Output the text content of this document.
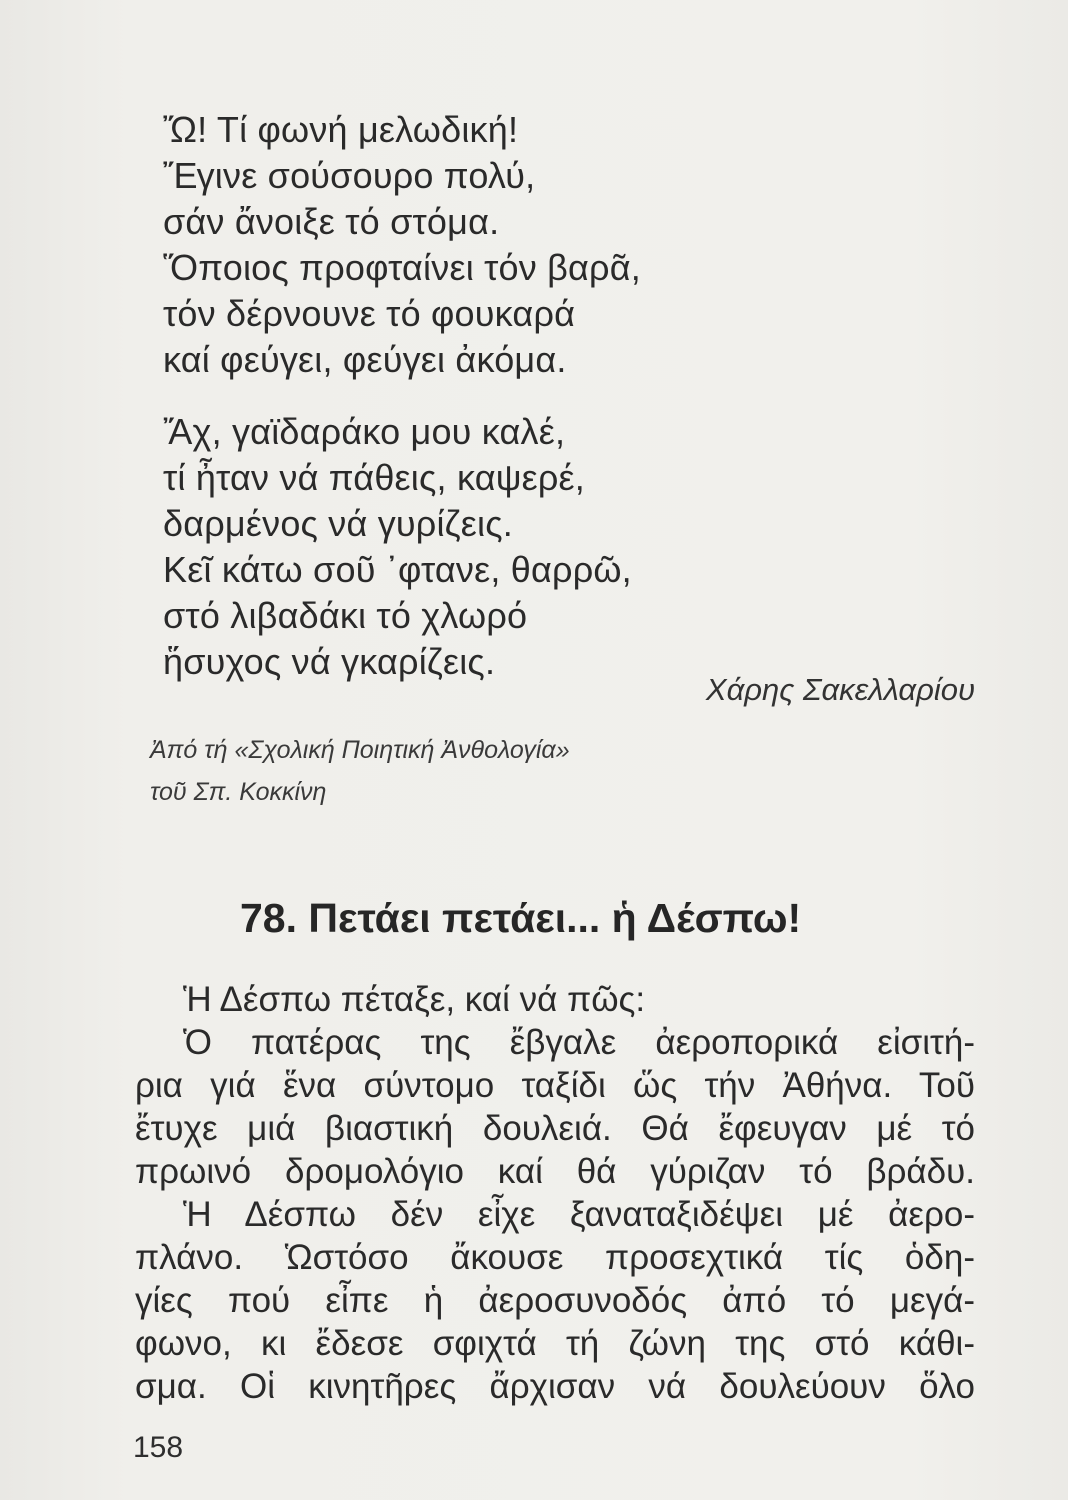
Ὤ! Τί φωνή μελωδική!
Ἔγινε σούσουρο πολύ,
σάν ἄνοιξε τό στόμα.
Ὅποιος προφταίνει τόν βαρᾶ,
τόν δέρνουνε τό φουκαρά
καί φεύγει, φεύγει ἀκόμα.
Ἄχ, γαϊδαράκο μου καλέ,
τί ἦταν νά πάθεις, καψερέ,
δαρμένος νά γυρίζεις.
Κεῖ κάτω σοῦ ᾽φτανε, θαρρῶ,
στό λιβαδάκι τό χλωρό
ἥσυχος νά γκαρίζεις.
Χάρης Σακελλαρίου
Ἀπό τή «Σχολική Ποιητική Ἀνθολογία»
τοῦ Σπ. Κοκκίνη
78. Πετάει πετάει... ἡ Δέσπω!
Ἡ Δέσπω πέταξε, καί νά πῶς:
Ὁ πατέρας της ἔβγαλε ἀεροπορικά εἰσιτή-
ρια γιά ἕνα σύντομο ταξίδι ὥς τήν Ἀθήνα. Τοῦ
ἔτυχε μιά βιαστική δουλειά. Θά ἔφευγαν μέ τό
πρωινό δρομολόγιο καί θά γύριζαν τό βράδυ.
Ἡ Δέσπω δέν εἶχε ξαναταξιδέψει μέ ἀερο-
πλάνο. Ὡστόσο ἄκουσε προσεχτικά τίς ὁδη-
γίες πού εἶπε ἡ ἀεροσυνοδός ἀπό τό μεγά-
φωνο, κι ἔδεσε σφιχτά τή ζώνη της στό κάθι-
σμα. Οἱ κινητῆρες ἄρχισαν νά δουλεύουν ὅλο
158
